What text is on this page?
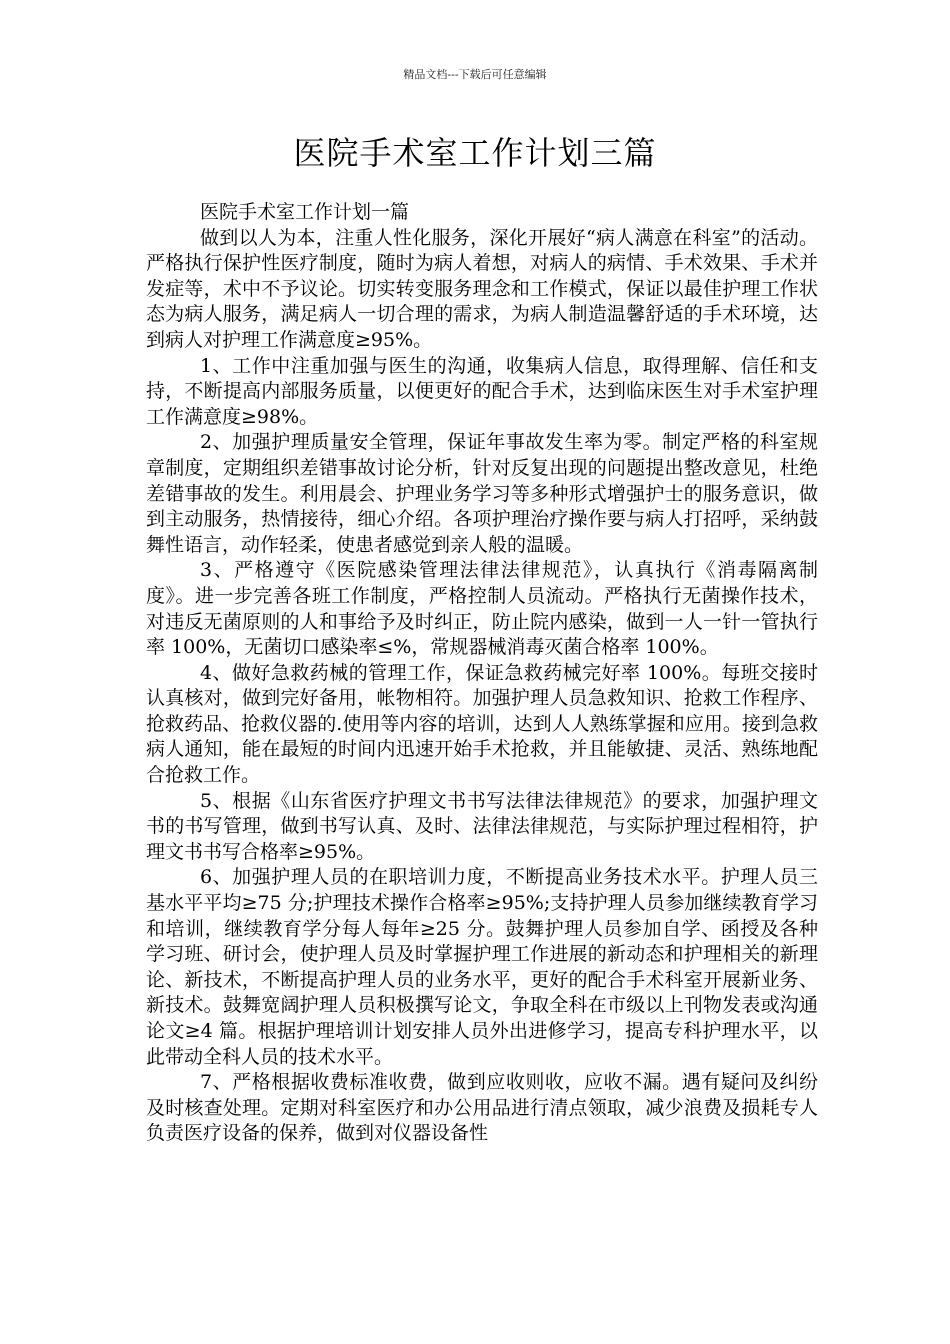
精品文档---下载后可任意编辑
医院手术室工作计划三篇

医院手术室工作计划一篇

做到以人为本，注重人性化服务，深化开展好“病人满意在科室”的活动。严格执行保护性医疗制度，随时为病人着想，对病人的病情、手术效果、手术并发症等，术中不予议论。切实转变服务理念和工作模式，保证以最佳护理工作状态为病人服务，满足病人一切合理的需求，为病人制造温馨舒适的手术环境，达到病人对护理工作满意度≥95%。

1、工作中注重加强与医生的沟通，收集病人信息，取得理解、信任和支持，不断提高内部服务质量，以便更好的配合手术，达到临床医生对手术室护理工作满意度≥98%。

2、加强护理质量安全管理，保证年事故发生率为零。制定严格的科室规章制度，定期组织差错事故讨论分析，针对反复出现的问题提出整改意见，杜绝差错事故的发生。利用晨会、护理业务学习等多种形式增强护士的服务意识，做到主动服务，热情接待，细心介绍。各项护理治疗操作要与病人打招呼，采纳鼓舞性语言，动作轻柔，使患者感觉到亲人般的温暖。

3、严格遵守《医院感染管理法律法律规范》，认真执行《消毒隔离制度》。进一步完善各班工作制度，严格控制人员流动。严格执行无菌操作技术，对违反无菌原则的人和事给予及时纠正，防止院内感染，做到一人一针一管执行率 100%，无菌切口感染率≤%，常规器械消毒灭菌合格率 100%。

4、做好急救药械的管理工作，保证急救药械完好率 100%。每班交接时认真核对，做到完好备用，帐物相符。加强护理人员急救知识、抢救工作程序、抢救药品、抢救仪器的.使用等内容的培训，达到人人熟练掌握和应用。接到急救病人通知，能在最短的时间内迅速开始手术抢救，并且能敏捷、灵活、熟练地配合抢救工作。

5、根据《山东省医疗护理文书书写法律法律规范》的要求，加强护理文书的书写管理，做到书写认真、及时、法律法律规范，与实际护理过程相符，护理文书书写合格率≥95%。

6、加强护理人员的在职培训力度，不断提高业务技术水平。护理人员三基水平平均≥75 分;护理技术操作合格率≥95%;支持护理人员参加继续教育学习和培训，继续教育学分每人每年≥25 分。鼓舞护理人员参加自学、函授及各种学习班、研讨会，使护理人员及时掌握护理工作进展的新动态和护理相关的新理论、新技术，不断提高护理人员的业务水平，更好的配合手术科室开展新业务、新技术。鼓舞宽阔护理人员积极撰写论文，争取全科在市级以上刊物发表或沟通论文≥4 篇。根据护理培训计划安排人员外出进修学习，提高专科护理水平，以此带动全科人员的技术水平。

7、严格根据收费标准收费，做到应收则收，应收不漏。遇有疑问及纠纷及时核查处理。定期对科室医疗和办公用品进行清点领取，减少浪费及损耗专人负责医疗设备的保养，做到对仪器设备性
